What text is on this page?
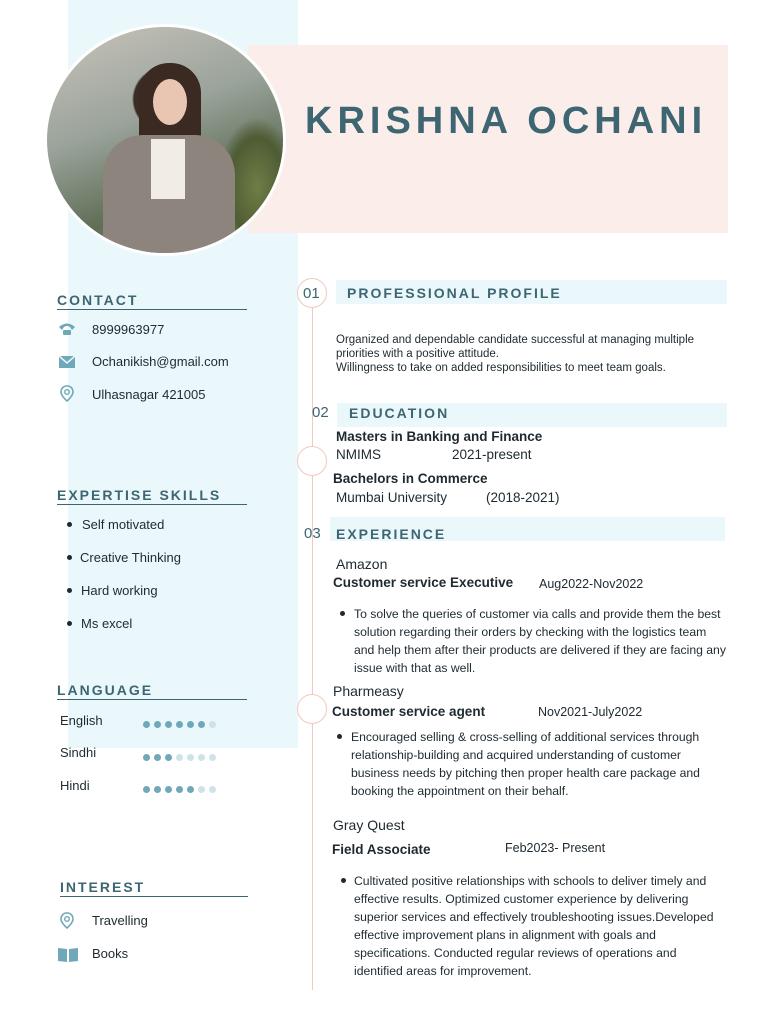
KRISHNA OCHANI
CONTACT
8999963977
Ochanikish@gmail.com
Ulhasnagar 421005
EXPERTISE SKILLS
Self motivated
Creative Thinking
Hard working
Ms excel
LANGUAGE
English
Sindhi
Hindi
INTEREST
Travelling
Books
01 PROFESSIONAL PROFILE
Organized and dependable candidate successful at managing multiple priorities with a positive attitude.
Willingness to take on added responsibilities to meet team goals.
02 EDUCATION
Masters in Banking and Finance
NMIMS	2021-present
Bachelors in Commerce
Mumbai University	(2018-2021)
03 EXPERIENCE
Amazon
Customer service Executive Aug2022-Nov2022
To solve the queries of customer via calls and provide them the best solution regarding their orders by checking with the logistics team and help them after their products are delivered if they are facing any issue with that as well.
Pharmeasy
Customer service agent	Nov2021-July2022
Encouraged selling & cross-selling of additional services through relationship-building and acquired understanding of customer business needs by pitching then proper health care package and booking the appointment on their behalf.
Gray Quest
Field Associate	Feb2023- Present
Cultivated positive relationships with schools to deliver timely and effective results. Optimized customer experience by delivering superior services and effectively troubleshooting issues.Developed effective improvement plans in alignment with goals and specifications. Conducted regular reviews of operations and identified areas for improvement.
